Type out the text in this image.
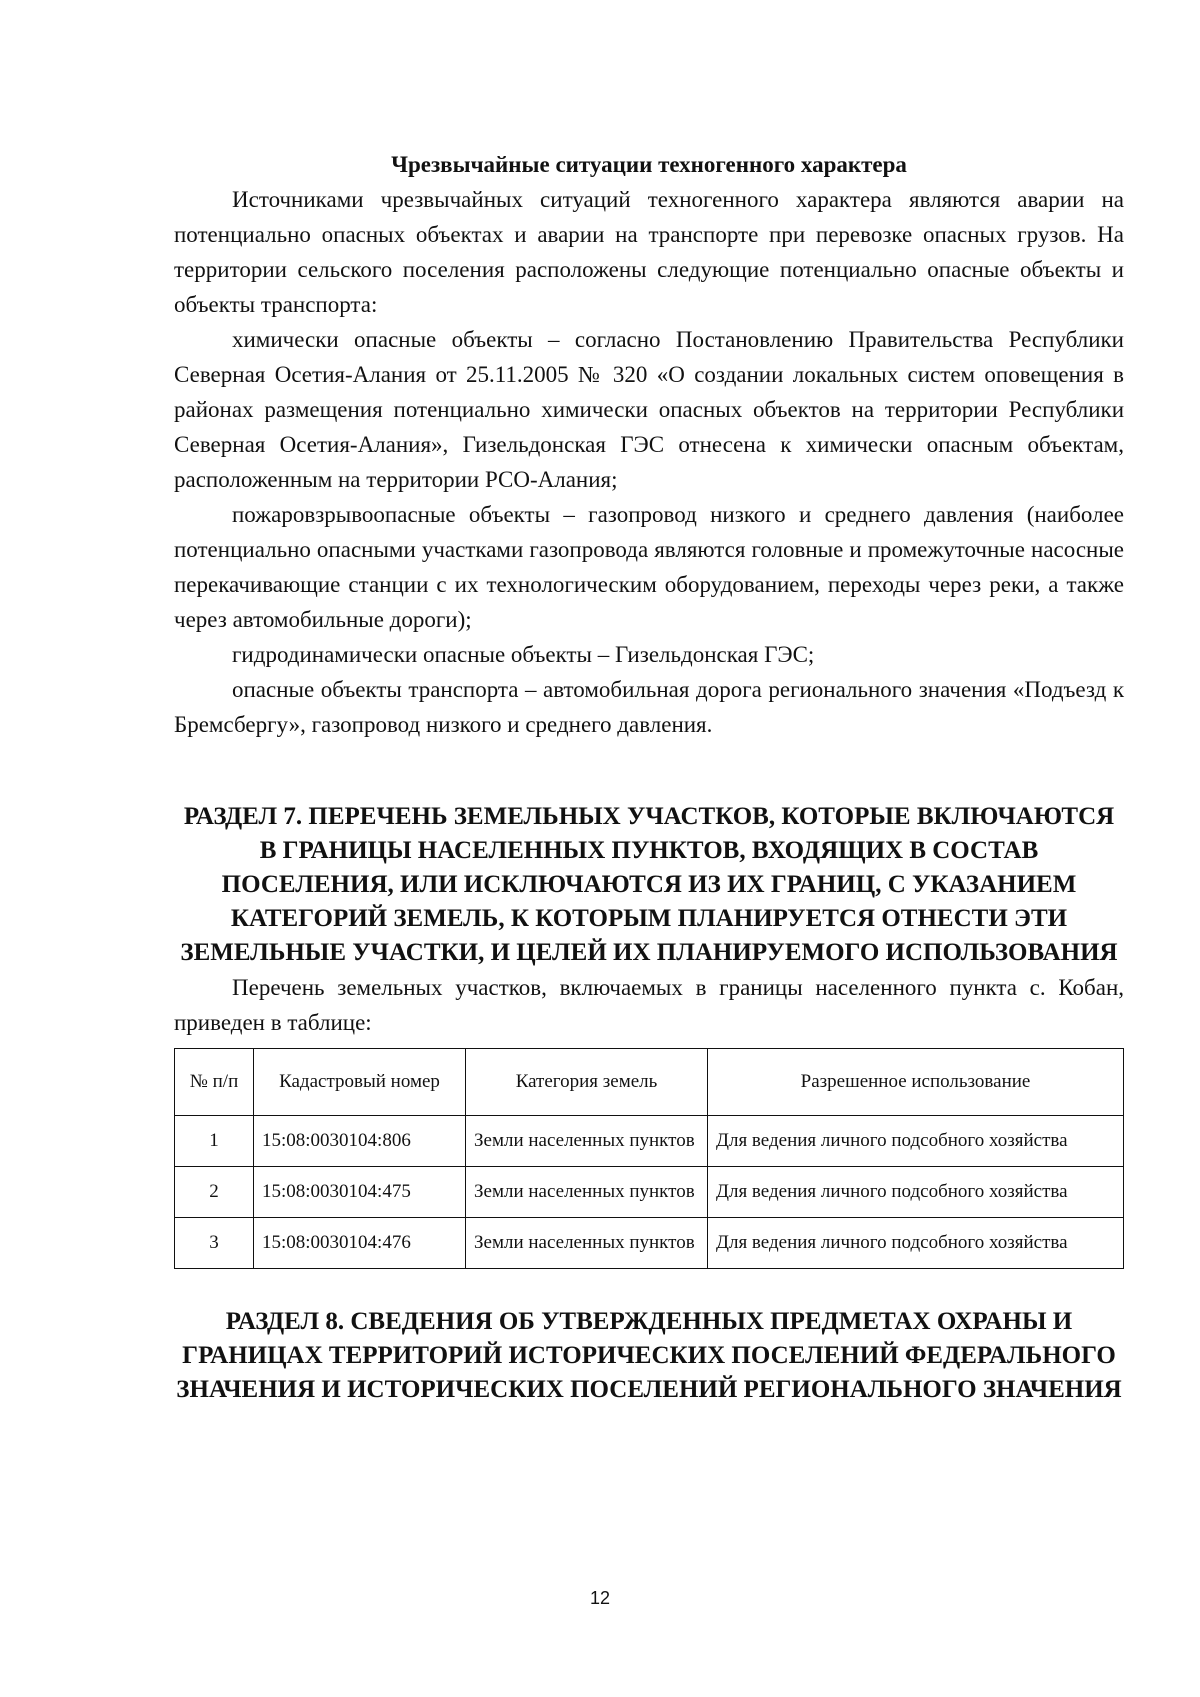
Чрезвычайные ситуации техногенного характера

Источниками чрезвычайных ситуаций техногенного характера являются аварии на потенциально опасных объектах и аварии на транспорте при перевозке опасных грузов. На территории сельского поселения расположены следующие потенциально опасные объекты и объекты транспорта:

химически опасные объекты – согласно Постановлению Правительства Республики Северная Осетия-Алания от 25.11.2005 № 320 «О создании локальных систем оповещения в районах размещения потенциально химически опасных объектов на территории Республики Северная Осетия-Алания», Гизельдонская ГЭС отнесена к химически опасным объектам, расположенным на территории РСО-Алания;

пожаровзрывоопасные объекты – газопровод низкого и среднего давления (наиболее потенциально опасными участками газопровода являются головные и промежуточные насосные перекачивающие станции с их технологическим оборудованием, переходы через реки, а также через автомобильные дороги);

гидродинамически опасные объекты – Гизельдонская ГЭС;

опасные объекты транспорта – автомобильная дорога регионального значения «Подъезд к Бремсбергу», газопровод низкого и среднего давления.

РАЗДЕЛ 7. ПЕРЕЧЕНЬ ЗЕМЕЛЬНЫХ УЧАСТКОВ, КОТОРЫЕ ВКЛЮЧАЮТСЯ В ГРАНИЦЫ НАСЕЛЕННЫХ ПУНКТОВ, ВХОДЯЩИХ В СОСТАВ ПОСЕЛЕНИЯ, ИЛИ ИСКЛЮЧАЮТСЯ ИЗ ИХ ГРАНИЦ, С УКАЗАНИЕМ КАТЕГОРИЙ ЗЕМЕЛЬ, К КОТОРЫМ ПЛАНИРУЕТСЯ ОТНЕСТИ ЭТИ ЗЕМЕЛЬНЫЕ УЧАСТКИ, И ЦЕЛЕЙ ИХ ПЛАНИРУЕМОГО ИСПОЛЬЗОВАНИЯ

Перечень земельных участков, включаемых в границы населенного пункта с. Кобан, приведен в таблице:

№ п/п	Кадастровый номер	Категория земель	Разрешенное использование
1	15:08:0030104:806	Земли населенных пунктов	Для ведения личного подсобного хозяйства
2	15:08:0030104:475	Земли населенных пунктов	Для ведения личного подсобного хозяйства
3	15:08:0030104:476	Земли населенных пунктов	Для ведения личного подсобного хозяйства
РАЗДЕЛ 8. СВЕДЕНИЯ ОБ УТВЕРЖДЕННЫХ ПРЕДМЕТАХ ОХРАНЫ И ГРАНИЦАХ ТЕРРИТОРИЙ ИСТОРИЧЕСКИХ ПОСЕЛЕНИЙ ФЕДЕРАЛЬНОГО ЗНАЧЕНИЯ И ИСТОРИЧЕСКИХ ПОСЕЛЕНИЙ РЕГИОНАЛЬНОГО ЗНАЧЕНИЯ
12
